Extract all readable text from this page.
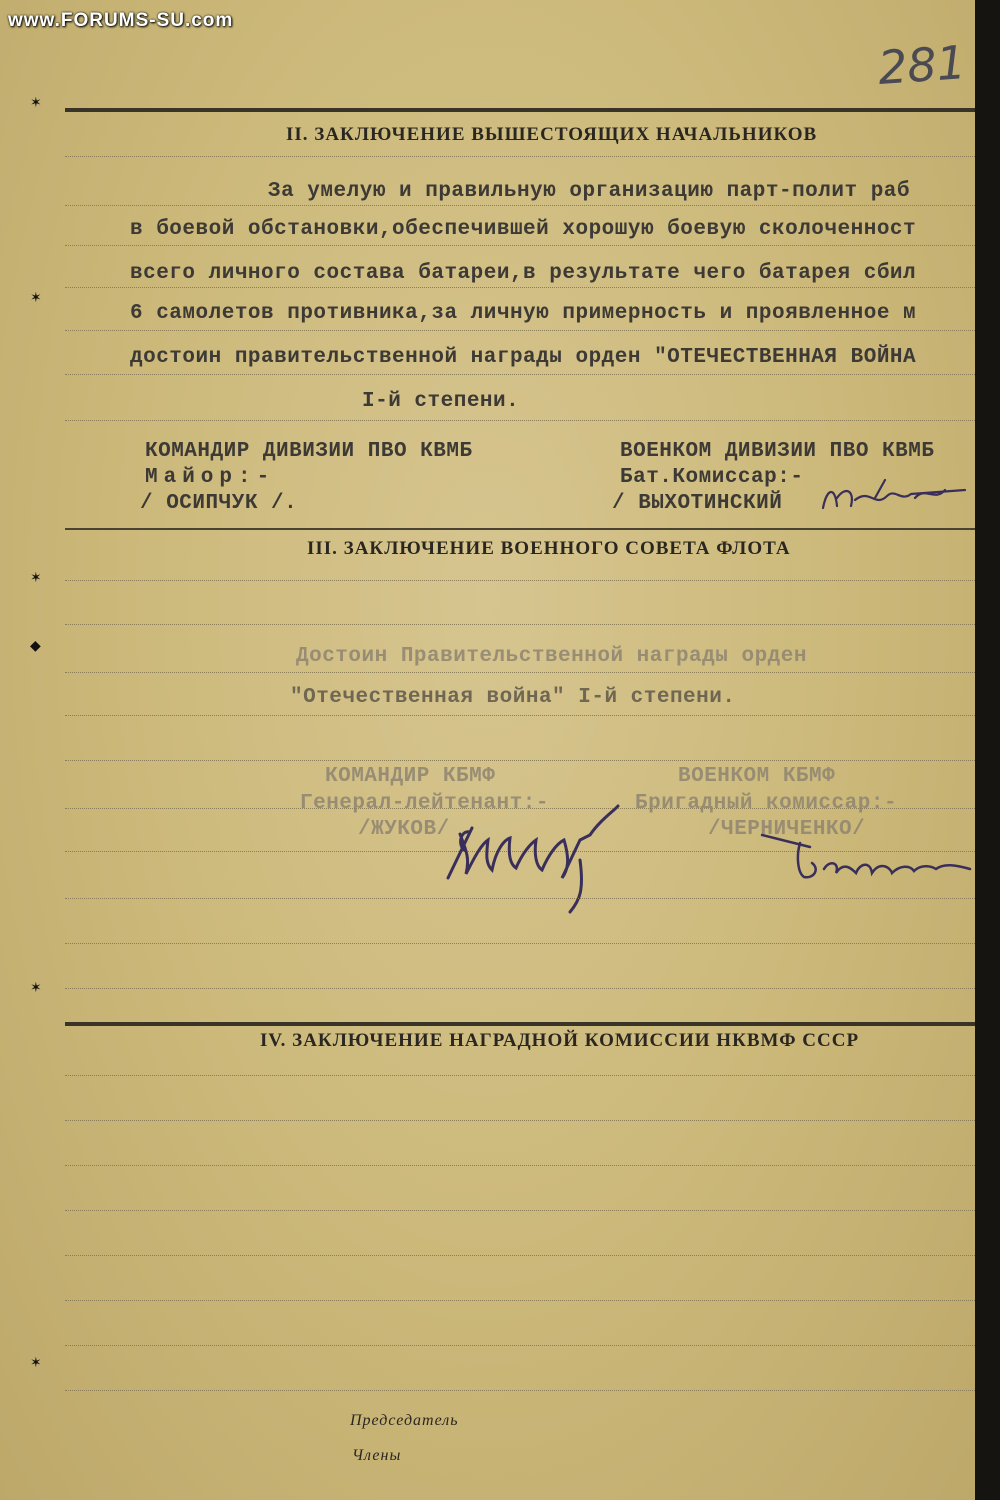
www.FORUMS-SU.com
281
✶
✶
✶
◆
✶
✶
II. ЗАКЛЮЧЕНИЕ ВЫШЕСТОЯЩИХ НАЧАЛЬНИКОВ
За умелую и правильную организацию парт-полит раб
в боевой обстановки,обеспечившей хорошую боевую сколоченност
всего личного состава батареи,в результате чего батарея сбил
6 самолетов противника,за личную примерность и проявленное м
достоин правительственной награды орден "ОТЕЧЕСТВЕННАЯ ВОЙНА
I-й степени.
КОМАНДИР ДИВИЗИИ ПВО КВМБ
Майор:-
/ ОСИПЧУК /.
ВОЕНКОМ ДИВИЗИИ ПВО КВМБ
Бат.Комиссар:-
/ ВЫХОТИНСКИЙ
III. ЗАКЛЮЧЕНИЕ ВОЕННОГО СОВЕТА ФЛОТА
Достоин Правительственной награды орден
"Отечественная война" I-й степени.
КОМАНДИР КБМФ
Генерал-лейтенант:-
/ЖУКОВ/
ВОЕНКОМ КБМФ
Бригадный комиссар:-
/ЧЕРНИЧЕНКО/
IV. ЗАКЛЮЧЕНИЕ НАГРАДНОЙ КОМИССИИ НКВМФ СССР
Председатель
Члены
